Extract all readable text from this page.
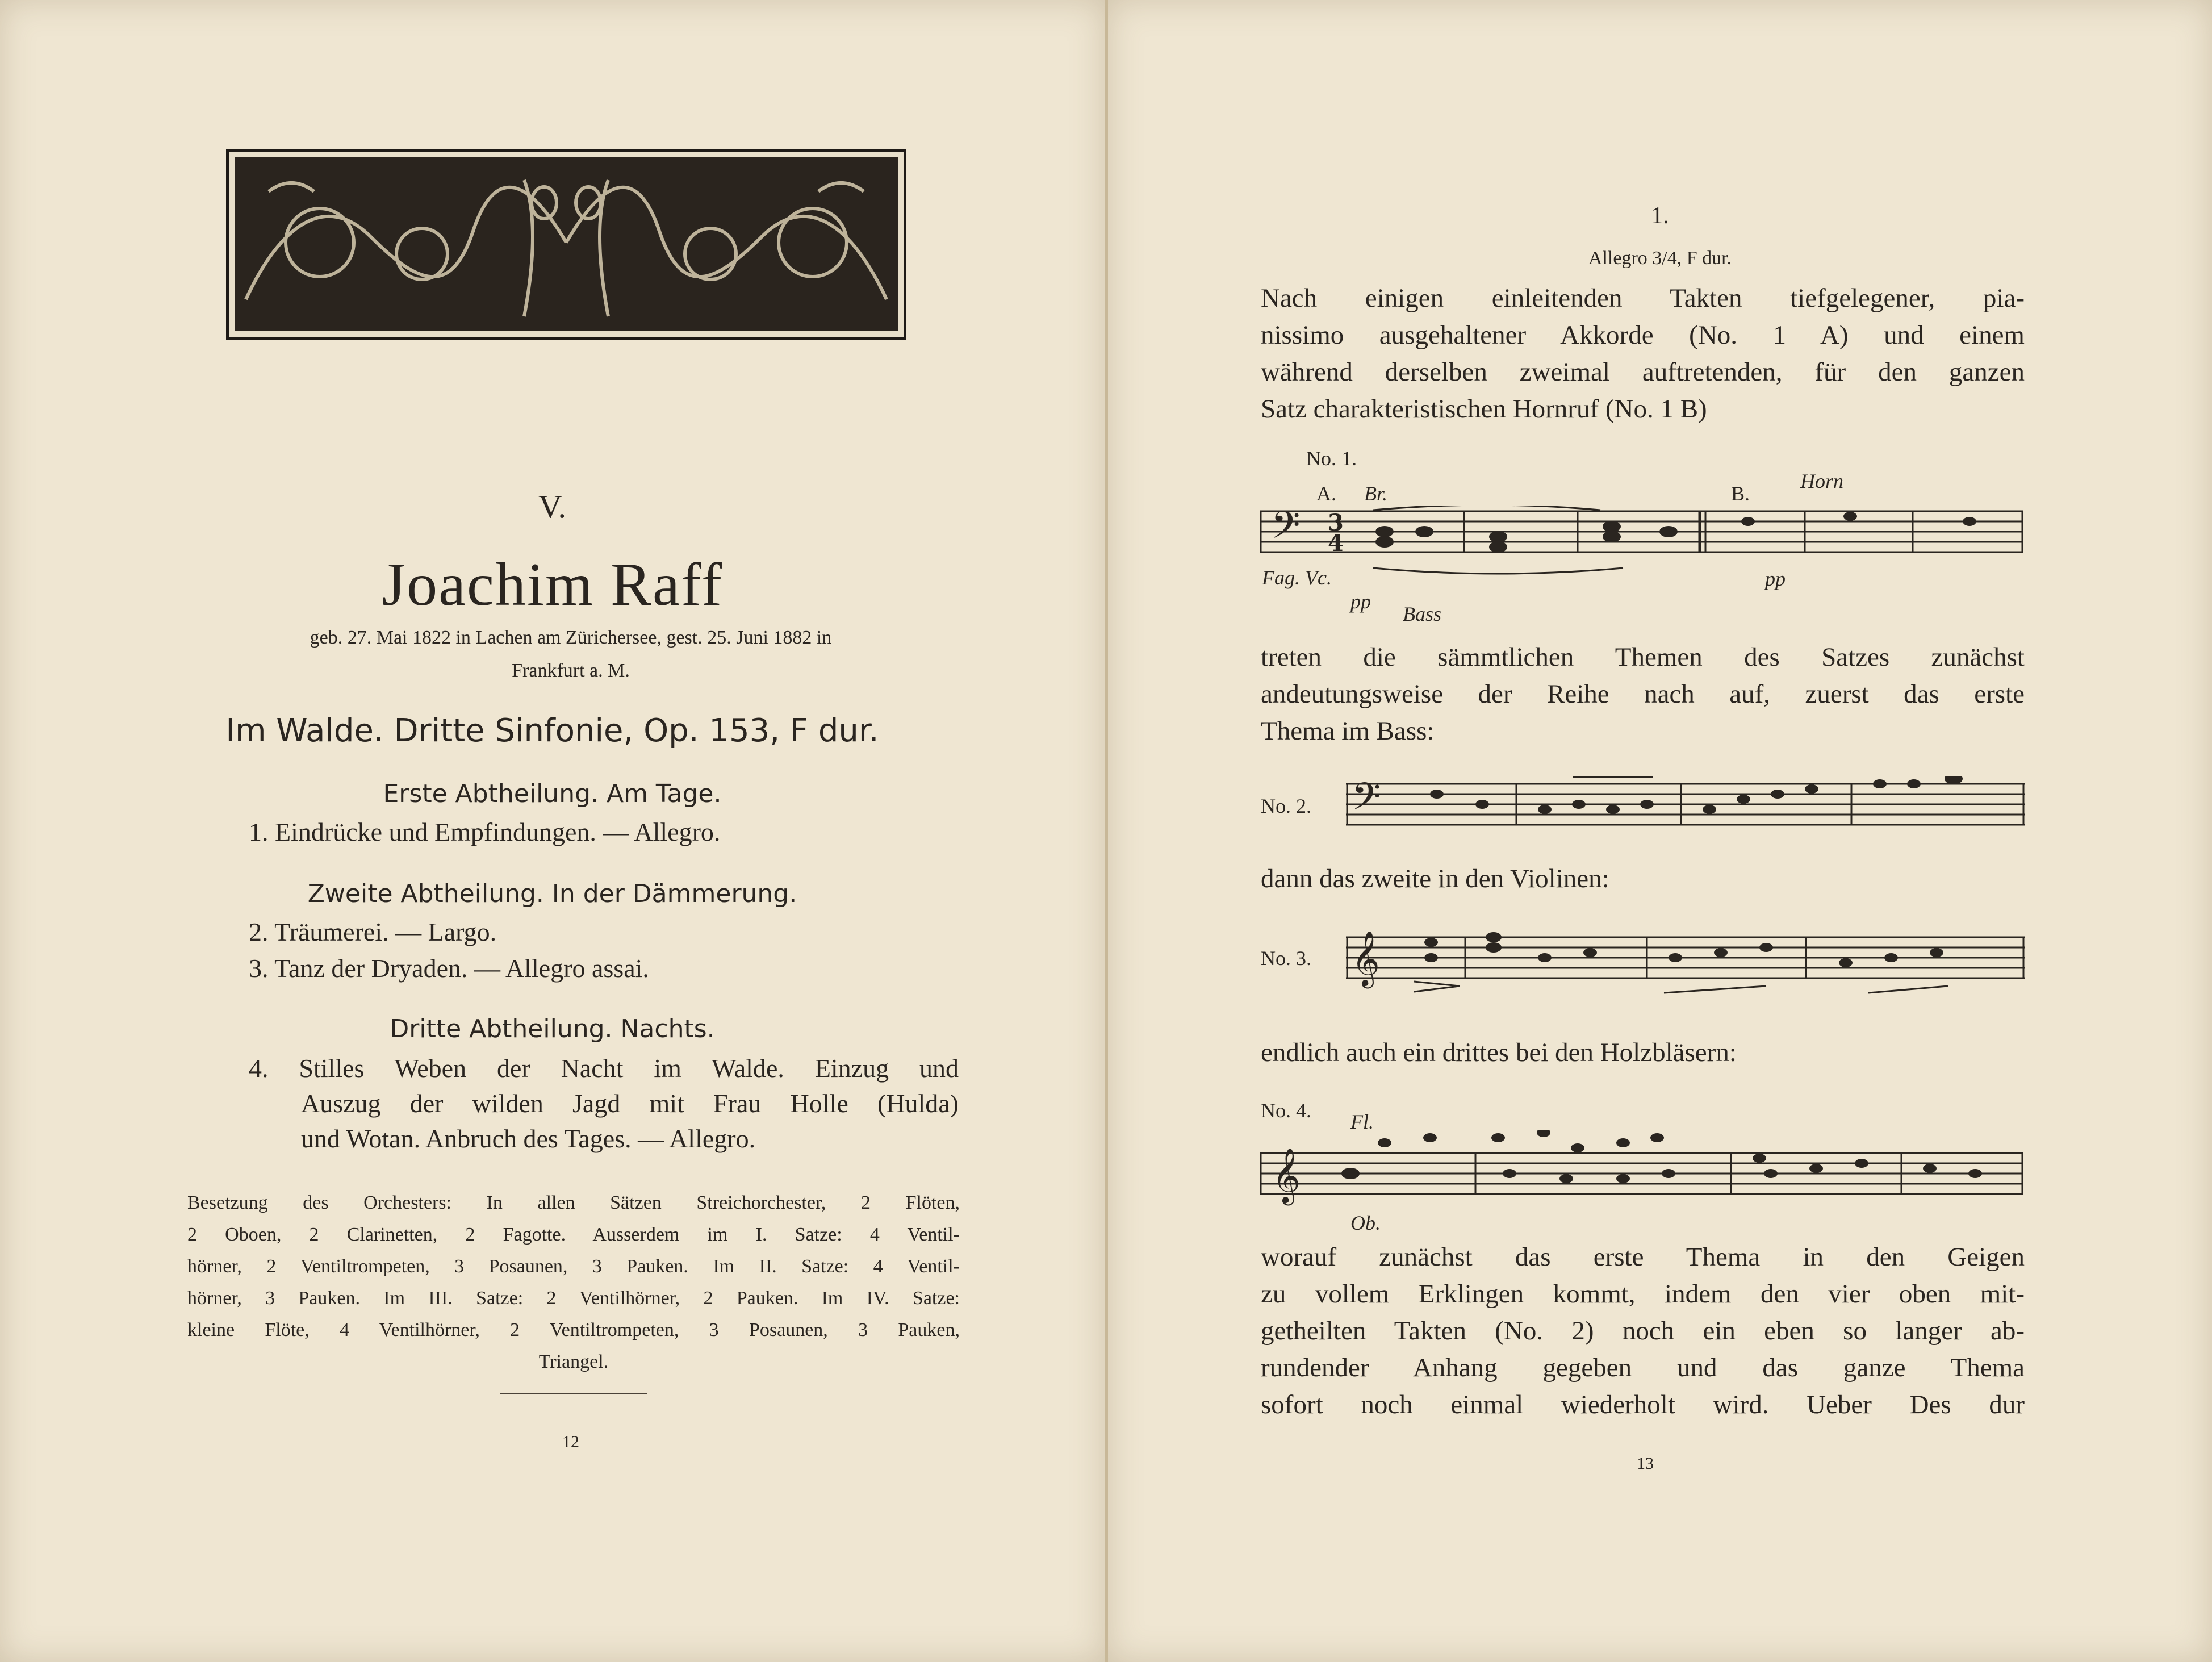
V.
Joachim Raff
geb. 27. Mai 1822 in Lachen am Zürichersee, gest. 25. Juni 1882 in
Frankfurt a. M.
Im Walde. Dritte Sinfonie, Op. 153, F dur.
Erste Abtheilung. Am Tage.
1. Eindrücke und Empfindungen. — Allegro.
Zweite Abtheilung. In der Dämmerung.
2. Träumerei. — Largo.
3. Tanz der Dryaden. — Allegro assai.
Dritte Abtheilung. Nachts.
4. Stilles Weben der Nacht im Walde. Einzug und
Auszug der wilden Jagd mit Frau Holle (Hulda)
und Wotan. Anbruch des Tages. — Allegro.
Besetzung des Orchesters: In allen Sätzen Streichorchester, 2 Flöten,
2 Oboen, 2 Clarinetten, 2 Fagotte. Ausserdem im I. Satze: 4 Ventil-
hörner, 2 Ventiltrompeten, 3 Posaunen, 3 Pauken. Im II. Satze: 4 Ventil-
hörner, 3 Pauken. Im III. Satze: 2 Ventilhörner, 2 Pauken. Im IV. Satze:
kleine Flöte, 4 Ventilhörner, 2 Ventiltrompeten, 3 Posaunen, 3 Pauken,
Triangel.
12
1.
Allegro 3/4, F dur.
Nach einigen einleitenden Takten tiefgelegener, pia-
nissimo ausgehaltener Akkorde (No. 1 A) und einem
während derselben zweimal auftretenden, für den ganzen
Satz charakteristischen Hornruf (No. 1 B)
No. 1.
A. Br.	B.
Horn
𝄢 3
4
Fag. Vc.
pp
Bass
pp
treten die sämmtlichen Themen des Satzes zunächst
andeutungsweise der Reihe nach auf, zuerst das erste
Thema im Bass:
No. 2. 𝄢
dann das zweite in den Violinen:
No. 3. 𝄞
endlich auch ein drittes bei den Holzbläsern:
No. 4. Fl.
𝄞
Ob.
worauf zunächst das erste Thema in den Geigen
zu vollem Erklingen kommt, indem den vier oben mit-
getheilten Takten (No. 2) noch ein eben so langer ab-
rundender Anhang gegeben und das ganze Thema
sofort noch einmal wiederholt wird. Ueber Des dur
13
